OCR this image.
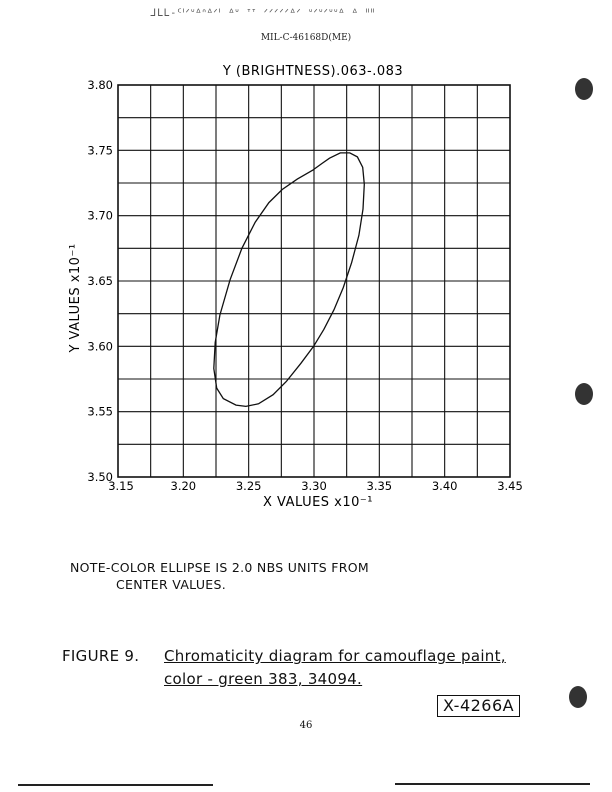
ᒧᒪᒪ-ᑦᑊᐟᐡᐞᐢᐞᐟᑊ ᐞᐡ ᐪᐪ ᐟᐟᐟᐟᐟᐞᐟ ᐡᐟᐡᐟᐡᐡᐞ ᐞ ᐦᐦ
MIL-C-46168D(ME)
Y (BRIGHTNESS).063-.083
3.80
3.75
3.70
3.65
3.60
3.55
3.50
3.15	3.20	3.25	3.30	3.35	3.40	3.45
X VALUES x10⁻¹
Y VALUES x10⁻¹
NOTE-COLOR ELLIPSE IS 2.0 NBS UNITS FROM
CENTER VALUES.
FIGURE 9. Chromaticity diagram for camouflage paint,
color - green 383, 34094.
X-4266A
46
